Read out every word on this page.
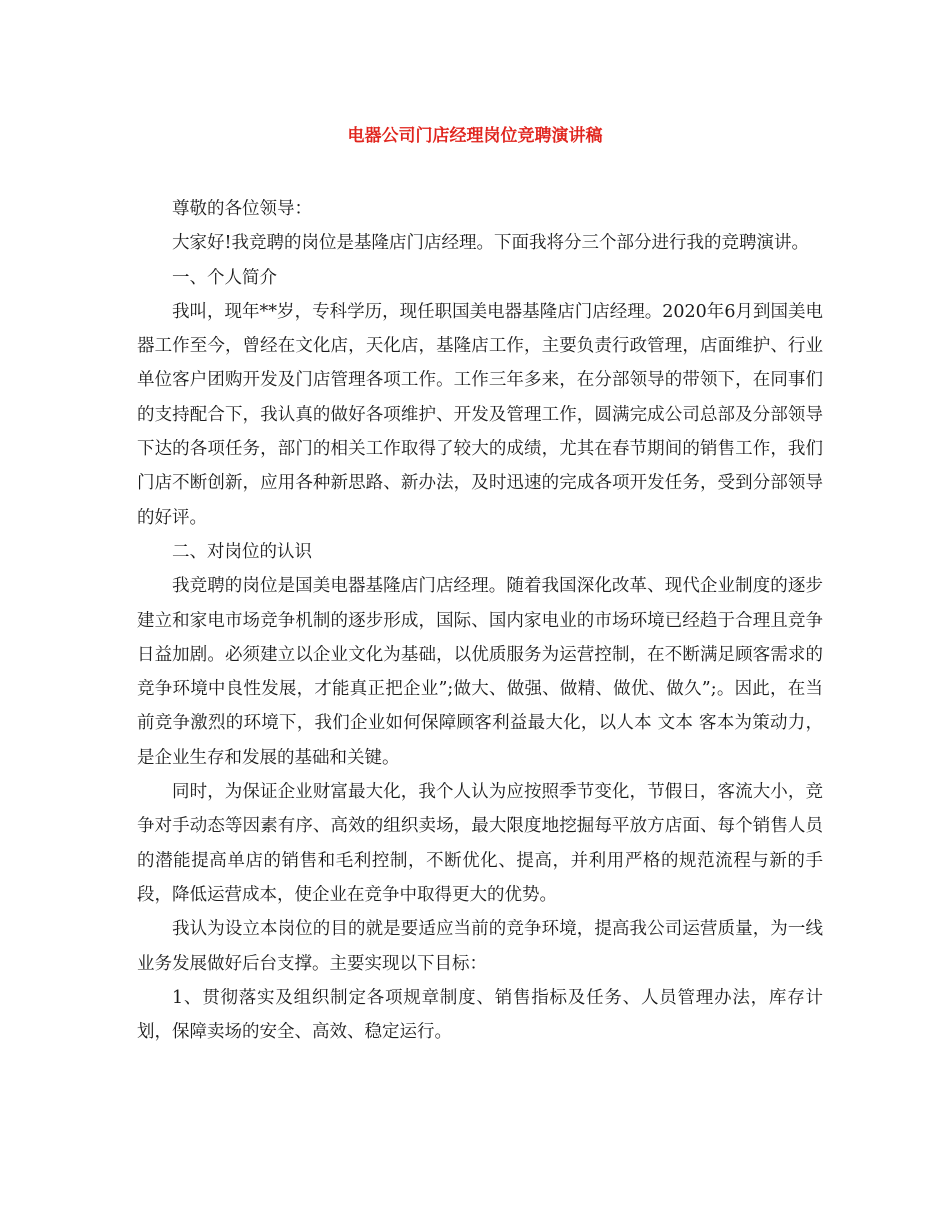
电器公司门店经理岗位竞聘演讲稿

尊敬的各位领导：

大家好!我竞聘的岗位是基隆店门店经理。下面我将分三个部分进行我的竞聘演讲。

一、个人简介

我叫，现年**岁，专科学历，现任职国美电器基隆店门店经理。2020年6月到国美电器工作至今，曾经在文化店，天化店，基隆店工作，主要负责行政管理，店面维护、行业单位客户团购开发及门店管理各项工作。工作三年多来，在分部领导的带领下，在同事们的支持配合下，我认真的做好各项维护、开发及管理工作，圆满完成公司总部及分部领导下达的各项任务，部门的相关工作取得了较大的成绩，尤其在春节期间的销售工作，我们门店不断创新，应用各种新思路、新办法，及时迅速的完成各项开发任务，受到分部领导的好评。

二、对岗位的认识

我竞聘的岗位是国美电器基隆店门店经理。随着我国深化改革、现代企业制度的逐步建立和家电市场竞争机制的逐步形成，国际、国内家电业的市场环境已经趋于合理且竞争日益加剧。必须建立以企业文化为基础，以优质服务为运营控制，在不断满足顾客需求的竞争环境中良性发展，才能真正把企业”;做大、做强、做精、做优、做久”;。因此，在当前竞争激烈的环境下，我们企业如何保障顾客利益最大化，以人本 文本 客本为策动力，是企业生存和发展的基础和关键。

同时，为保证企业财富最大化，我个人认为应按照季节变化，节假日，客流大小，竞争对手动态等因素有序、高效的组织卖场，最大限度地挖掘每平放方店面、每个销售人员的潜能提高单店的销售和毛利控制，不断优化、提高，并利用严格的规范流程与新的手段，降低运营成本，使企业在竞争中取得更大的优势。

我认为设立本岗位的目的就是要适应当前的竞争环境，提高我公司运营质量，为一线业务发展做好后台支撑。主要实现以下目标：

1、贯彻落实及组织制定各项规章制度、销售指标及任务、人员管理办法，库存计划，保障卖场的安全、高效、稳定运行。
